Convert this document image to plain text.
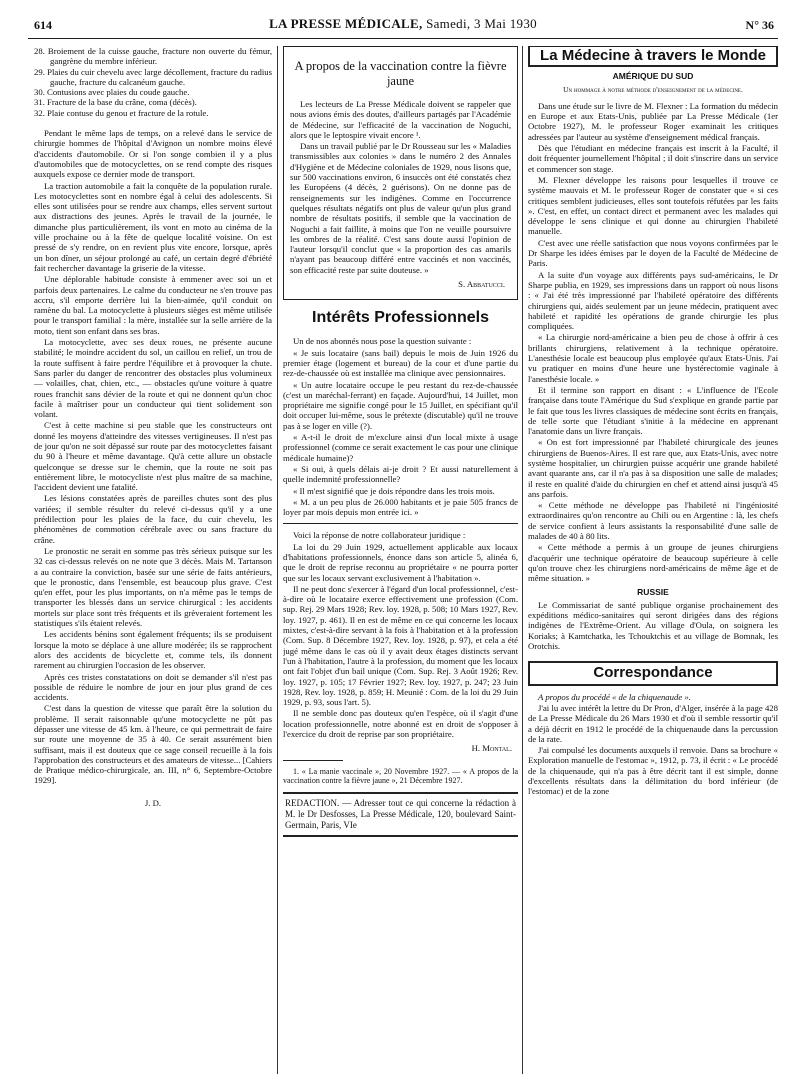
614	LA PRESSE MÉDICALE, Samedi, 3 Mai 1930	N° 36
28. Broiement de la cuisse gauche, fracture non ouverte du fémur, gangrène du membre inférieur.
29. Plaies du cuir chevelu avec large décollement, fracture du radius gauche, fracture du calcanéum gauche.
30. Contusions avec plaies du coude gauche.
31. Fracture de la base du crâne, coma (décès).
32. Plaie contuse du genou et fracture de la rotule.

Pendant le même laps de temps, on a relevé dans le service de chirurgie hommes de l'hôpital d'Avignon un nombre moins élevé d'accidents d'automobile. Or si l'on songe combien il y a plus d'automobiles que de motocyclettes, on se rend compte des risques auxquels expose ce dernier mode de transport.

La traction automobile a fait la conquête de la population rurale. Les motocyclettes sont en nombre égal à celui des adolescents. Si elles sont utilisées pour se rendre aux champs, elles servent surtout aux distractions des jeunes. Après le travail de la journée, le dimanche plus particulièrement, ils vont en moto au cinéma de la ville prochaine ou à la fête de quelque localité voisine. On est pressé de s'y rendre, on en revient plus vite encore, lorsque, après un bon dîner, un séjour prolongé au café, un certain degré d'ébriété fait rechercher davantage la griserie de la vitesse.

Une déplorable habitude consiste à emmener avec soi un et parfois deux partenaires. Le calme du conducteur ne s'en trouve pas accru, s'il emporte derrière lui la bien-aimée, qu'il conduit on ramène du bal. La motocyclette à plusieurs sièges est même utilisée pour le transport familial : la mère, installée sur la selle arrière de la moto, tient son enfant dans ses bras.

La motocyclette, avec ses deux roues, ne présente aucune stabilité; le moindre accident du sol, un caillou en relief, un trou de la route suffisent à faire perdre l'équilibre et à provoquer la chute. Sans parler du danger de rencontrer des obstacles plus volumineux — volailles, chat, chien, etc., — obstacles qu'une voiture à quatre roues franchit sans dévier de la route et qui ne donnent qu'un choc facile à maîtriser pour un conducteur qui tient solidement son volant.

C'est à cette machine si peu stable que les constructeurs ont donné les moyens d'atteindre des vitesses vertigineuses. Il n'est pas de jour qu'on ne soit dépassé sur route par des motocyclettes faisant du 90 à l'heure et même davantage. Qu'à cette allure un obstacle quelconque se dresse sur le chemin, que la route ne soit pas entièrement libre, le motocycliste n'est plus maître de sa machine, l'accident devient une fatalité.

Les lésions constatées après de pareilles chutes sont des plus variées; il semble résulter du relevé ci-dessus qu'il y a une prédilection pour les plaies de la face, du cuir chevelu, les phénomènes de commotion cérébrale avec ou sans fracture du crâne.

Le pronostic ne serait en somme pas très sérieux puisque sur les 32 cas ci-dessus relevés on ne note que 3 décès. Mais M. Tartanson a au contraire la conviction, basée sur une série de faits antérieurs, que le pronostic, dans l'ensemble, est beaucoup plus grave. C'est qu'en effet, pour les plus importants, on n'a même pas le temps de transporter les blessés dans un service chirurgical : les accidents mortels sur place sont très fréquents et ils grèveraient fortement les statistiques s'ils étaient relevés.

Les accidents bénins sont également fréquents; ils se produisent lorsque la moto se déplace à une allure modérée; ils se rapprochent alors des accidents de bicyclette et, comme tels, ils donnent rarement au chirurgien l'occasion de les observer.

Après ces tristes constatations on doit se demander s'il n'est pas possible de réduire le nombre de jour en jour plus grand de ces accidents.

C'est dans la question de vitesse que paraît être la solution du problème. Il serait raisonnable qu'une motocyclette ne pût pas dépasser une vitesse de 45 km. à l'heure, ce qui permettrait de faire sur route une moyenne de 35 à 40. Ce serait assurément bien suffisant, mais il est douteux que ce sage conseil recueille à la fois l'approbation des constructeurs et des amateurs de vitesse... [Cahiers de Pratique médico-chirurgicale, an. III, n° 6, Septembre-Octobre 1929].

J. D.

A propos de la vaccination contre la fièvre jaune

Les lecteurs de La Presse Médicale doivent se rappeler que nous avions émis des doutes, d'ailleurs partagés par l'Académie de Médecine, sur l'efficacité de la vaccination de Noguchi, alors que le leptospire vivait encore ¹.

Dans un travail publié par le Dr Rousseau sur les « Maladies transmissibles aux colonies » dans le numéro 2 des Annales d'Hygiène et de Médecine coloniales de 1929, nous lisons que, sur 500 vaccinations environ, 6 insuccès ont été constatés chez les Européens (4 décès, 2 guérisons). On ne donne pas de renseignements sur les indigènes. Comme en l'occurrence quelques résultats négatifs ont plus de valeur qu'un plus grand nombre de résultats positifs, il semble que la vaccination de Noguchi a fait faillite, à moins que l'on ne veuille poursuivre les ombres de la réalité. C'est sans doute aussi l'opinion de l'auteur lorsqu'il conclut que « la proportion des cas amarils n'ayant pas beaucoup différé entre vaccinés et non vaccinés, son efficacité reste par suite douteuse. »

S. Abbatucci.

Intérêts Professionnels

Un de nos abonnés nous pose la question suivante :

« Je suis locataire (sans bail) depuis le mois de Juin 1926 du premier étage (logement et bureau) de la cour et d'une partie du rez-de-chaussée où est installée ma clinique avec pensionnaires.

« Un autre locataire occupe le peu restant du rez-de-chaussée (c'est un maréchal-ferrant) en façade. Aujourd'hui, 14 Juillet, mon propriétaire me signifie congé pour le 15 Juillet, en spécifiant qu'il doit occuper lui-même, sous le prétexte (discutable) qu'il ne trouve pas à se loger en ville (?).

« A-t-il le droit de m'exclure ainsi d'un local mixte à usage professionnel (comme ce serait exactement le cas pour une clinique médicale humaine)?

« Si oui, à quels délais ai-je droit ? Et aussi naturellement à quelle indemnité professionnelle?

« Il m'est signifié que je dois répondre dans les trois mois.

« M. a un peu plus de 26.000 habitants et je paie 505 francs de loyer par mois depuis mon entrée ici. »

Voici la réponse de notre collaborateur juridique :

La loi du 29 Juin 1929, actuellement applicable aux locaux d'habitations professionnels, énonce dans son article 5, alinéa 6, que le droit de reprise reconnu au propriétaire « ne pourra porter que sur les locaux servant exclusivement à l'habitation ».

Il ne peut donc s'exercer à l'égard d'un local professionnel, c'est-à-dire où le locataire exerce effectivement une profession (Com. sup. Rej. 29 Mars 1928; Rev. loy. 1928, p. 508; 10 Mars 1927, Rev. loy. 1927, p. 461). Il en est de même en ce qui concerne les locaux mixtes, c'est-à-dire servant à la fois à l'habitation et à la profession (Com. Sup. 8 Décembre 1927, Rev. loy. 1928, p. 97), et cela a été jugé même dans le cas où il y avait deux étages distincts servant l'un à l'habitation, l'autre à la profession, du moment que les locaux ont fait l'objet d'un bail unique (Com. Sup. Rej. 3 Août 1926; Rev. loy. 1927, p. 105; 17 Février 1927; Rev. loy. 1927, p. 247; 23 Juin 1928, Rev. loy. 1928, p. 859; H. Meunié : Com. de la loi du 29 Juin 1929, p. 93, sous l'art. 5).

Il ne semble donc pas douteux qu'en l'espèce, où il s'agit d'une location professionnelle, notre abonné est en droit de s'opposer à l'exercice du droit de reprise par son propriétaire.

H. Montal.

1. « La manie vaccinale », 20 Novembre 1927. — « A propos de la vaccination contre la fièvre jaune », 21 Décembre 1927.

REDACTION. — Adresser tout ce qui concerne la rédaction à M. le Dr Desfosses, La Presse Médicale, 120, boulevard Saint-Germain, Paris, VIe

La Médecine à travers le Monde

AMÉRIQUE DU SUD

Un hommage à notre méthode d'enseignement de la médecine.

Dans une étude sur le livre de M. Flexner : La formation du médecin en Europe et aux Etats-Unis, publiée par La Presse Médicale (1er Octobre 1927), M. le professeur Roger examinait les critiques adressées par l'auteur au système d'enseignement médical français.

Dès que l'étudiant en médecine français est inscrit à la Faculté, il doit fréquenter journellement l'hôpital ; il doit s'inscrire dans un service et commencer son stage.

M. Flexner développe les raisons pour lesquelles il trouve ce système mauvais et M. le professeur Roger de constater que « si ces critiques semblent judicieuses, elles sont toutefois réfutées par les faits ». C'est, en effet, un contact direct et permanent avec les malades qui développe le sens clinique et qui donne au chirurgien l'habileté manuelle.

C'est avec une réelle satisfaction que nous voyons confirmées par le Dr Sharpe les idées émises par le doyen de la Faculté de Médecine de Paris.

A la suite d'un voyage aux différents pays sud-américains, le Dr Sharpe publia, en 1929, ses impressions dans un rapport où nous lisons : « J'ai été très impressionné par l'habileté opératoire des différents chirurgiens qui, aidés seulement par un jeune médecin, pratiquent avec habileté et rapidité les opérations de grande chirurgie les plus compliquées.

« La chirurgie nord-américaine a bien peu de chose à offrir à ces brillants chirurgiens, relativement à la technique opératoire. L'anesthésie locale est beaucoup plus employée qu'aux Etats-Unis. J'ai vu pratiquer en moins d'une heure une hystérectomie vaginale à l'anesthésie locale. »

Et il termine son rapport en disant : « L'influence de l'Ecole française dans toute l'Amérique du Sud s'explique en grande partie par le fait que tous les livres classiques de médecine sont écrits en français, de telle sorte que l'étudiant s'initie à la médecine en apprenant l'anatomie dans un livre français.

« On est fort impressionné par l'habileté chirurgicale des jeunes chirurgiens de Buenos-Aires. Il est rare que, aux Etats-Unis, avec notre système hospitalier, un chirurgien puisse acquérir une grande habileté avant quarante ans, car il n'a pas à sa disposition une salle de malades; il reste en qualité d'aide du chirurgien en chef et attend ainsi jusqu'à 45 ans parfois.

« Cette méthode ne développe pas l'habileté ni l'ingéniosité extraordinaires qu'on rencontre au Chili ou en Argentine : là, les chefs de service confient à leurs assistants la responsabilité d'une salle de malades de 40 à 80 lits.

« Cette méthode a permis à un groupe de jeunes chirurgiens d'acquérir une technique opératoire de beaucoup supérieure à celle qu'on trouve chez les chirurgiens nord-américains de même âge et de même situation. »

RUSSIE

Le Commissariat de santé publique organise prochainement des expéditions médico-sanitaires qui seront dirigées dans des régions indigènes de l'Extrême-Orient. Au village d'Oula, on soignera les Koriaks; à Kamtchatka, les Tchouktchis et au village de Bomnak, les Orotchis.

Correspondance

A propos du procédé « de la chiquenaude ».

J'ai lu avec intérêt la lettre du Dr Pron, d'Alger, insérée à la page 428 de La Presse Médicale du 26 Mars 1930 et d'où il semble ressortir qu'il a déjà décrit en 1912 le procédé de la chiquenaude dans la percussion de la rate.

J'ai compulsé les documents auxquels il renvoie. Dans sa brochure « Exploration manuelle de l'estomac », 1912, p. 73, il écrit : « Le procédé de la chiquenaude, qui n'a pas à être décrit tant il est simple, donne d'excellents résultats dans la délimitation du bord inférieur (de l'estomac) et de la zone
